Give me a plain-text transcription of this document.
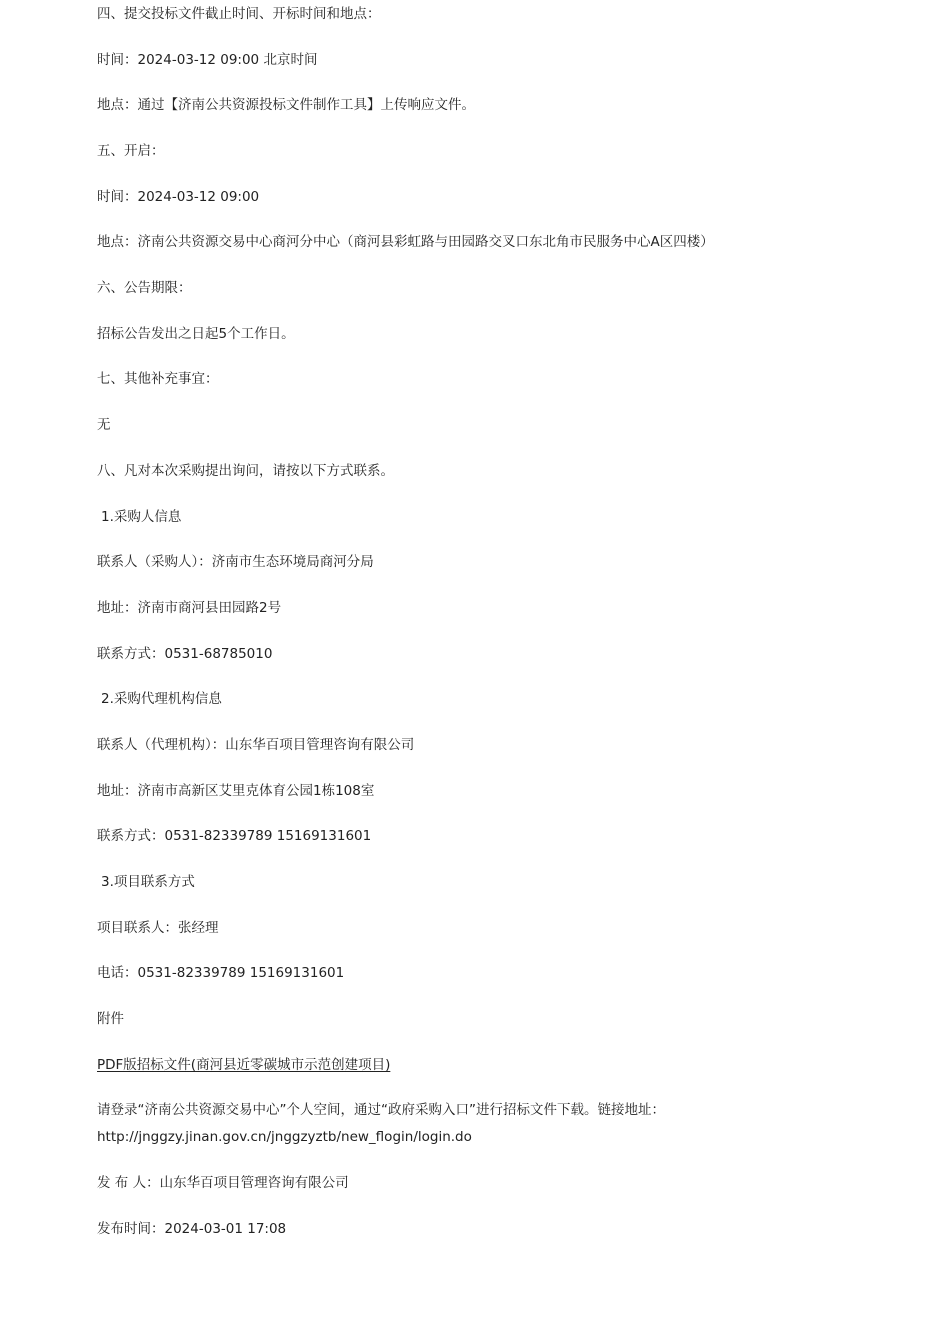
四、提交投标文件截止时间、开标时间和地点：
时间：2024-03-12 09:00 北京时间
地点：通过【济南公共资源投标文件制作工具】上传响应文件。
五、开启：
时间：2024-03-12 09:00
地点：济南公共资源交易中心商河分中心（商河县彩虹路与田园路交叉口东北角市民服务中心A区四楼）
六、公告期限：
招标公告发出之日起5个工作日。
七、其他补充事宜：
无
八、凡对本次采购提出询问，请按以下方式联系。
1.采购人信息
联系人（采购人）：济南市生态环境局商河分局
地址：济南市商河县田园路2号
联系方式：0531-68785010
2.采购代理机构信息
联系人（代理机构）：山东华百项目管理咨询有限公司
地址：济南市高新区艾里克体育公园1栋108室
联系方式：0531-82339789 15169131601
3.项目联系方式
项目联系人：张经理
电话：0531-82339789 15169131601
附件
PDF版招标文件(商河县近零碳城市示范创建项目)
请登录“济南公共资源交易中心”个人空间，通过“政府采购入口”进行招标文件下载。链接地址：http://jnggzy.jinan.gov.cn/jnggzyztb/new_flogin/login.do
发 布 人：山东华百项目管理咨询有限公司
发布时间：2024-03-01 17:08
